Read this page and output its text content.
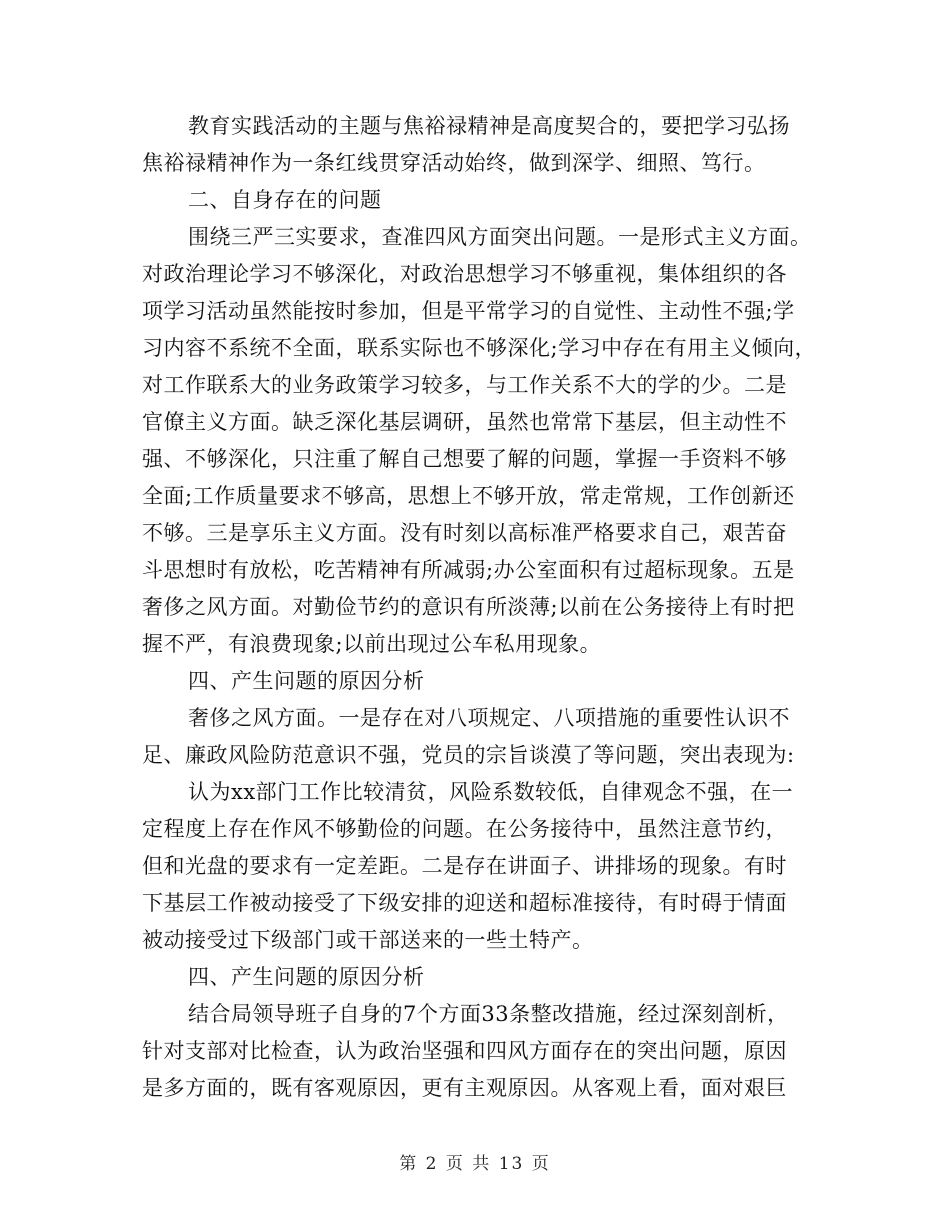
教育实践活动的主题与焦裕禄精神是高度契合的，要把学习弘扬
焦裕禄精神作为一条红线贯穿活动始终，做到深学、细照、笃行。
二、自身存在的问题
围绕三严三实要求，查准四风方面突出问题。一是形式主义方面。
对政治理论学习不够深化，对政治思想学习不够重视，集体组织的各
项学习活动虽然能按时参加，但是平常学习的自觉性、主动性不强;学
习内容不系统不全面，联系实际也不够深化;学习中存在有用主义倾向，
对工作联系大的业务政策学习较多，与工作关系不大的学的少。二是
官僚主义方面。缺乏深化基层调研，虽然也常常下基层，但主动性不
强、不够深化，只注重了解自己想要了解的问题，掌握一手资料不够
全面;工作质量要求不够高，思想上不够开放，常走常规，工作创新还
不够。三是享乐主义方面。没有时刻以高标准严格要求自己，艰苦奋
斗思想时有放松，吃苦精神有所减弱;办公室面积有过超标现象。五是
奢侈之风方面。对勤俭节约的意识有所淡薄;以前在公务接待上有时把
握不严，有浪费现象;以前出现过公车私用现象。
四、产生问题的原因分析
奢侈之风方面。一是存在对八项规定、八项措施的重要性认识不
足、廉政风险防范意识不强，党员的宗旨谈漠了等问题，突出表现为:
认为xx部门工作比较清贫，风险系数较低，自律观念不强，在一
定程度上存在作风不够勤俭的问题。在公务接待中，虽然注意节约，
但和光盘的要求有一定差距。二是存在讲面子、讲排场的现象。有时
下基层工作被动接受了下级安排的迎送和超标准接待，有时碍于情面
被动接受过下级部门或干部送来的一些土特产。
四、产生问题的原因分析
结合局领导班子自身的7个方面33条整改措施，经过深刻剖析，
针对支部对比检查，认为政治坚强和四风方面存在的突出问题，原因
是多方面的，既有客观原因，更有主观原因。从客观上看，面对艰巨
第 2 页 共 13 页
